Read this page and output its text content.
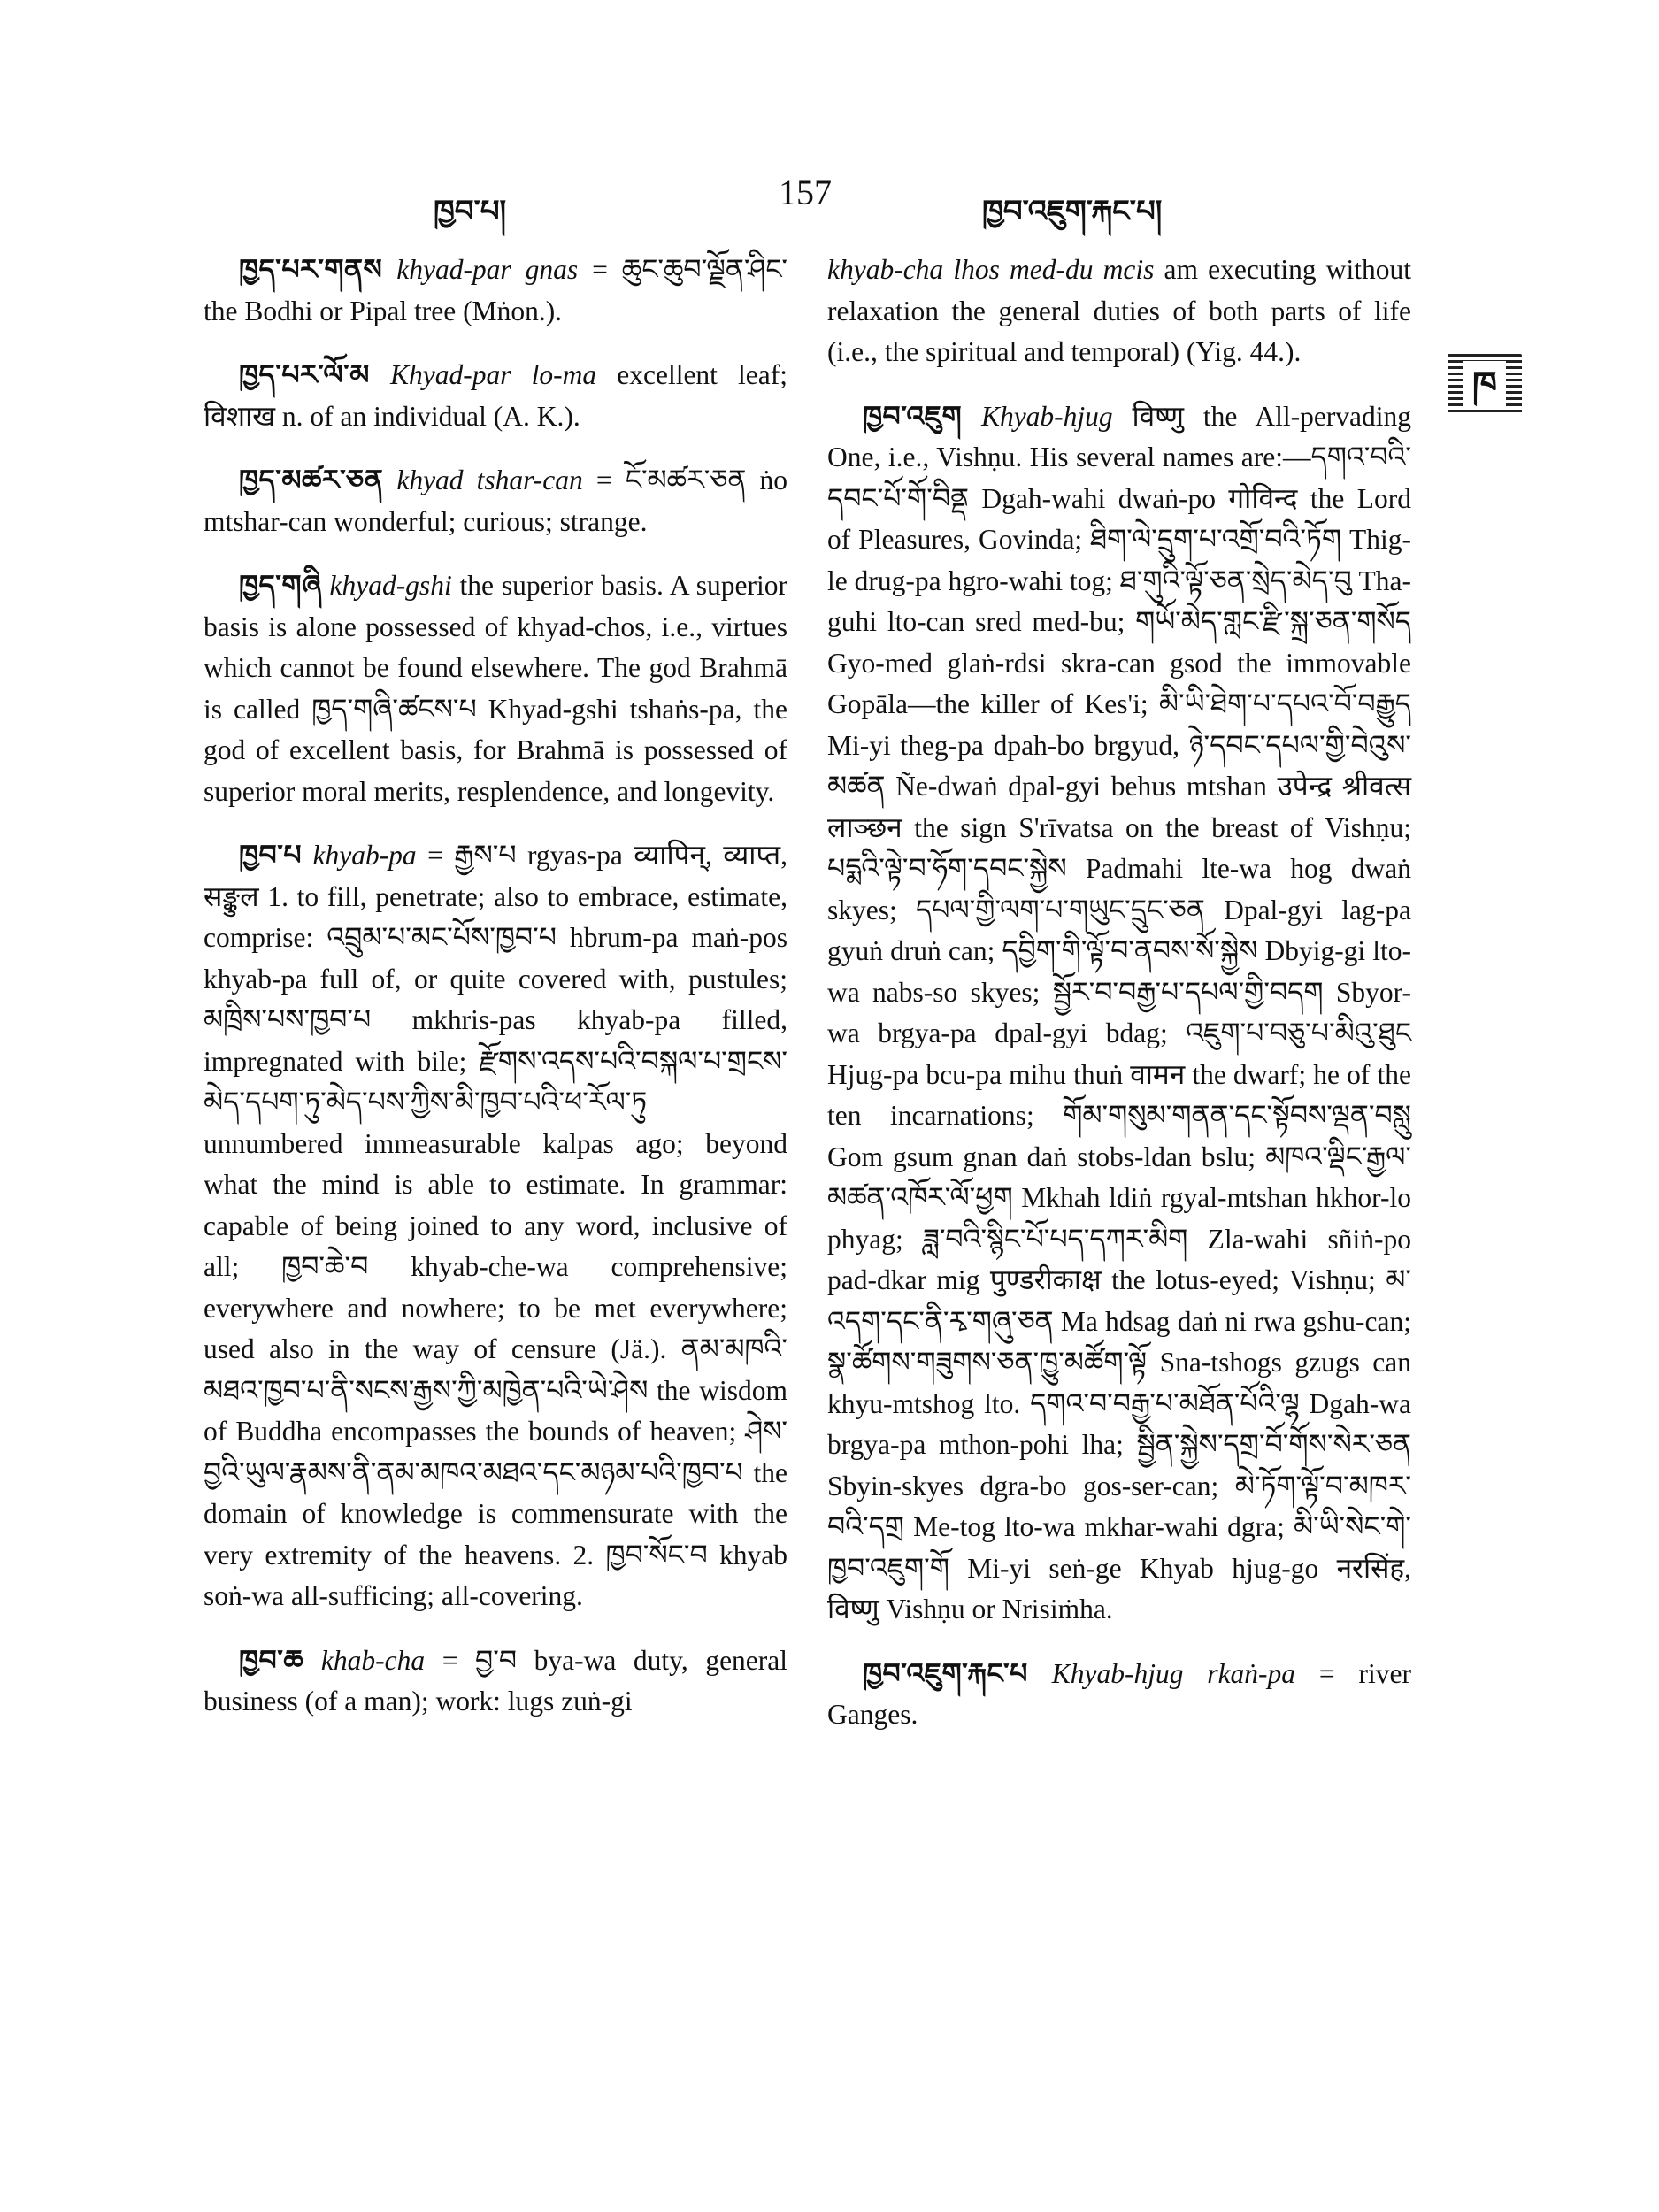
ཁྱབ་པ།	157	ཁྱབ་འཇུག་རྐང་པ།
ཁ

ཁྱད་པར་གནས khyad-par gnas = ཆུང་ཆུབ་ལྗོན་ཤིང་ the Bodhi or Pipal tree (Mṅon.).

ཁྱད་པར་ལོ་མ Khyad-par lo-ma excellent leaf; विशाख n. of an individual (A. K.).

ཁྱད་མཚར་ཅན khyad tshar-can = ངོ་མཚར་ཅན ṅo mtshar-can wonderful; curious; strange.

ཁྱད་གཞི khyad-gshi the superior basis. A superior basis is alone possessed of khyad-chos, i.e., virtues which cannot be found elsewhere. The god Brahmā is called ཁྱད་གཞི་ཚངས་པ Khyad-gshi tshaṅs-pa, the god of excellent basis, for Brahmā is possessed of superior moral merits, resplendence, and longevity.

ཁྱབ་པ khyab-pa = རྒྱས་པ rgyas-pa व्यापिन्, व्याप्त, सङ्कुल 1. to fill, penetrate; also to embrace, estimate, comprise: འབྲུམ་པ་མང་པོས་ཁྱབ་པ hbrum-pa maṅ-pos khyab-pa full of, or quite covered with, pustules; མཁྲིས་པས་ཁྱབ་པ mkhris-pas khyab-pa filled, impregnated with bile; རྫོགས་འདས་པའི་བསྐལ་པ་གྲངས་མེད་དཔག་ཏུ་མེད་པས་ཀྱིས་མི་ཁྱབ་པའི་ཕ་རོལ་ཏུ unnumbered immeasurable kalpas ago; beyond what the mind is able to estimate. In grammar: capable of being joined to any word, inclusive of all; ཁྱབ་ཆེ་བ khyab-che-wa comprehensive; everywhere and nowhere; to be met everywhere; used also in the way of censure (Jä.). ནམ་མཁའི་མཐའ་ཁྱབ་པ་ནི་སངས་རྒྱས་ཀྱི་མཁྱེན་པའི་ཡེ་ཤེས the wisdom of Buddha encompasses the bounds of heaven; ཤེས་བྱའི་ཡུལ་རྣམས་ནི་ནམ་མཁའ་མཐའ་དང་མཉམ་པའི་ཁྱབ་པ the domain of knowledge is commensurate with the very extremity of the heavens. 2. ཁྱབ་སོང་བ khyab soṅ-wa all-sufficing; all-covering.

ཁྱབ་ཆ khab-cha = བྱ་བ bya-wa duty, general business (of a man); work: lugs zuṅ-gi

khyab-cha lhos med-du mcis am executing without relaxation the general duties of both parts of life (i.e., the spiritual and temporal) (Yig. 44.).

ཁྱབ་འཇུག Khyab-hjug विष्णु the All-pervading One, i.e., Vishṇu. His several names are:—དགའ་བའི་དབང་པོ་གོ་བིནྡ Dgah-wahi dwaṅ-po गोविन्द the Lord of Pleasures, Govinda; ཐིག་ལེ་དྲུག་པ་འགྲོ་བའི་ཏོག Thig-le drug-pa hgro-wahi tog; ཐ་གུའི་ལྟོ་ཅན་སྲེད་མེད་བུ Tha-guhi lto-can sred med-bu; གཡོ་མེད་གླང་རྫི་སྐྲ་ཅན་གསོད Gyo-med glaṅ-rdsi skra-can gsod the immovable Gopāla—the killer of Kes'i; མི་ཡི་ཐེག་པ་དཔའ་བོ་བརྒྱུད Mi-yi theg-pa dpah-bo brgyud, ཉེ་དབང་དཔལ་གྱི་བེའུས་མཚན Ñe-dwaṅ dpal-gyi behus mtshan उपेन्द्र श्रीवत्स लाञ्छन the sign S'rīvatsa on the breast of Vishṇu; པདྨའི་ལྟེ་བ་ཧོག་དབང་སྐྱེས Padmahi lte-wa hog dwaṅ skyes; དཔལ་གྱི་ལག་པ་གཡུང་དྲུང་ཅན Dpal-gyi lag-pa gyuṅ druṅ can; དབྱིག་གི་ལྟོ་བ་ནབས་སོ་སྐྱེས Dbyig-gi lto-wa nabs-so skyes; སྦྱོར་བ་བརྒྱ་པ་དཔལ་གྱི་བདག Sbyor-wa brgya-pa dpal-gyi bdag; འཇུག་པ་བཅུ་པ་མིའུ་ཐུང Hjug-pa bcu-pa mihu thuṅ वामन the dwarf; he of the ten incarnations; གོམ་གསུམ་གནན་དང་སྟོབས་ལྡན་བསླུ Gom gsum gnan daṅ stobs-ldan bslu; མཁའ་ལྡིང་རྒྱལ་མཚན་འཁོར་ལོ་ཕྱག Mkhah ldiṅ rgyal-mtshan hkhor-lo phyag; ཟླ་བའི་སྙིང་པོ་པད་དཀར་མིག Zla-wahi sñiṅ-po pad-dkar mig पुण्डरीकाक्ष the lotus-eyed; Vishṇu; མ་འདག་དང་ནི་རྭ་གཞུ་ཅན Ma hdsag daṅ ni rwa gshu-can; སྣ་ཚོགས་གཟུགས་ཅན་ཁྱུ་མཚོག་ལྟོ Sna-tshogs gzugs can khyu-mtshog lto. དགའ་བ་བརྒྱ་པ་མཐོན་པོའི་ལྷ Dgah-wa brgya-pa mthon-pohi lha; སྦྱིན་སྐྱེས་དགྲ་བོ་གོས་སེར་ཅན Sbyin-skyes dgra-bo gos-ser-can; མེ་ཏོག་ལྟོ་བ་མཁར་བའི་དགྲ Me-tog lto-wa mkhar-wahi dgra; མི་ཡི་སེང་གེ་ཁྱབ་འཇུག་གོ Mi-yi seṅ-ge Khyab hjug-go नरसिंह, विष्णु Vishṇu or Nrisiṁha.

ཁྱབ་འཇུག་རྐང་པ Khyab-hjug rkaṅ-pa = river Ganges.
